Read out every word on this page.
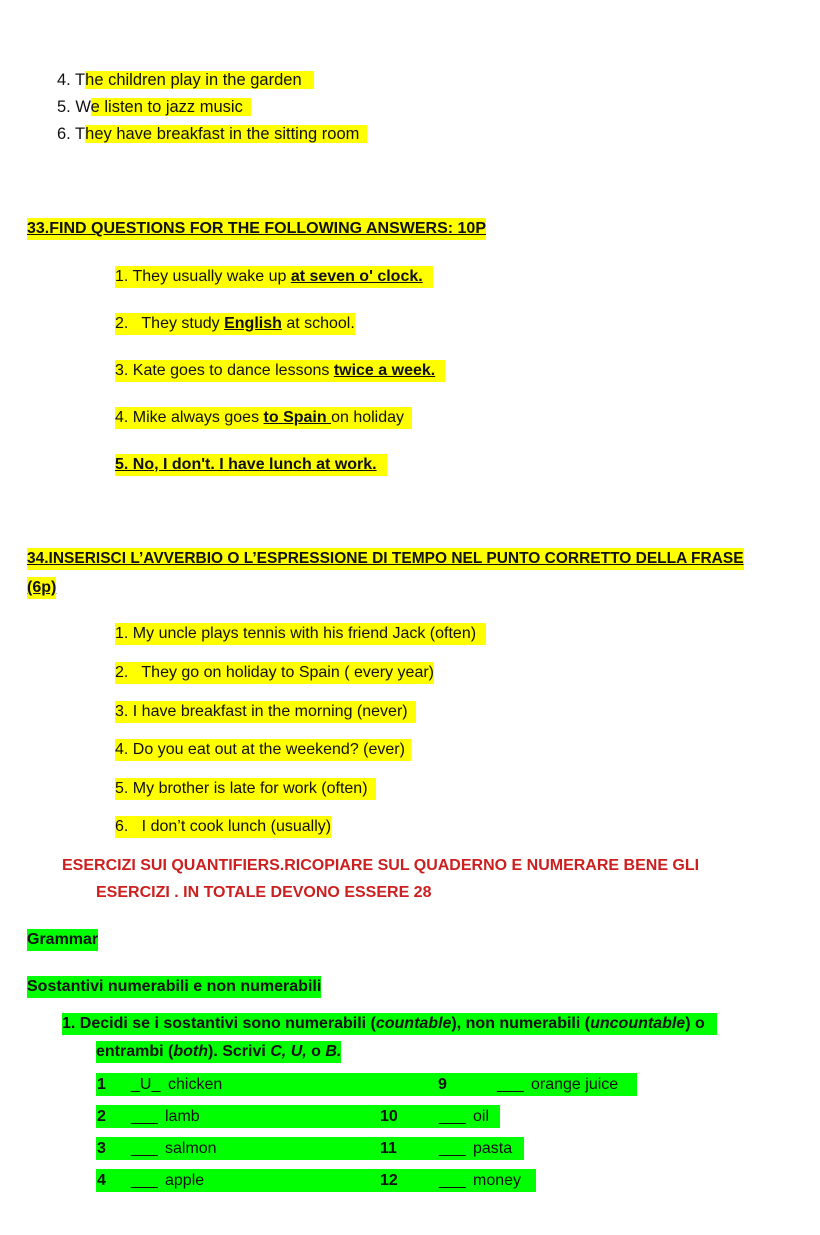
4. The children play in the garden
5. We listen to jazz music
6. They have breakfast in the sitting room
33.FIND QUESTIONS FOR THE FOLLOWING ANSWERS: 10P
1. They usually wake up at seven o' clock.
2.   They study English at school.
3. Kate goes to dance lessons twice a week.
4. Mike always goes to Spain on holiday
5. No, I don't. I have lunch at work.
34.INSERISCI L’AVVERBIO O L’ESPRESSIONE DI TEMPO NEL PUNTO CORRETTO DELLA FRASE
(6p)
1. My uncle plays tennis with his friend Jack (often)
2.   They go on holiday to Spain ( every year)
3. I have breakfast in the morning (never)
4. Do you eat out at the weekend? (ever)
5. My brother is late for work (often)
6.   I don’t cook lunch (usually)
ESERCIZI SUI QUANTIFIERS.RICOPIARE SUL QUADERNO E NUMERARE BENE GLI
ESERCIZI . IN TOTALE DEVONO ESSERE 28
Grammar
Sostantivi numerabili e non numerabili
1. Decidi se i sostantivi sono numerabili (countable), non numerabili (uncountable) o
entrambi (both). Scrivi C, U, o B.
1 _U_ chicken	9	___ orange juice
2 ___ lamb	10	___ oil
3 ___ salmon	11	___ pasta
4 ___ apple	12	___ money
